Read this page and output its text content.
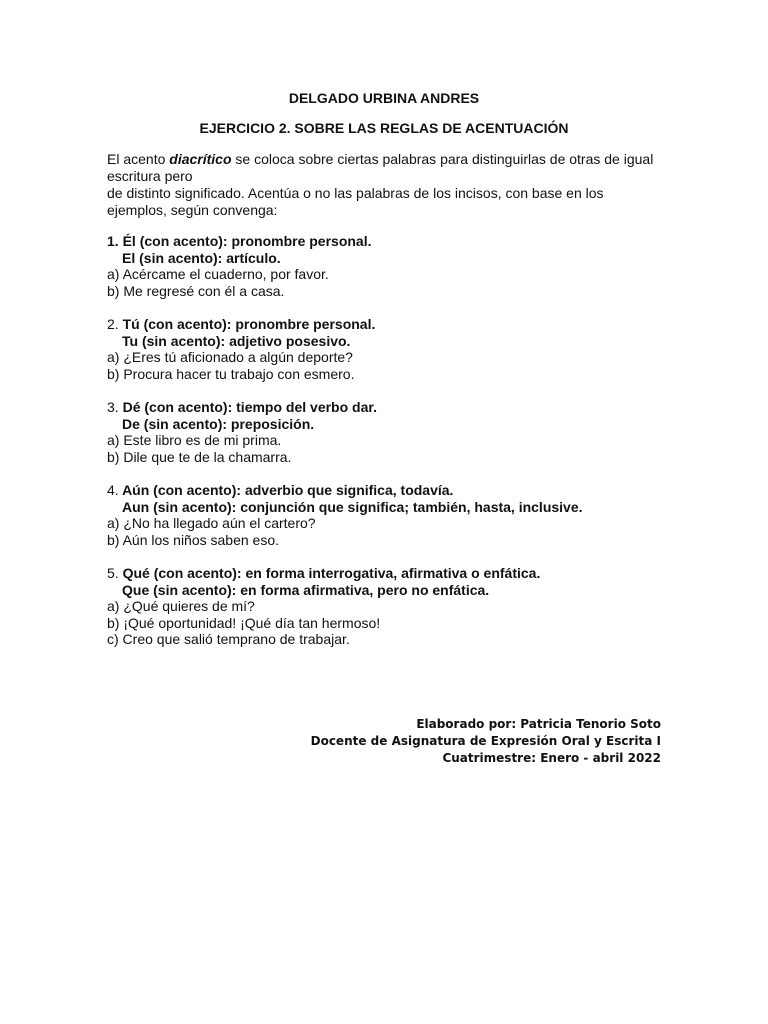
DELGADO URBINA ANDRES
EJERCICIO 2. SOBRE LAS REGLAS DE ACENTUACIÓN
El acento diacrítico se coloca sobre ciertas palabras para distinguirlas de otras de igual escritura pero
de distinto significado. Acentúa o no las palabras de los incisos, con base en los ejemplos, según convenga:
1. Él (con acento): pronombre personal.
El (sin acento): artículo.
a) Acércame el cuaderno, por favor.
b) Me regresé con él a casa.
2. Tú (con acento): pronombre personal.
Tu (sin acento): adjetivo posesivo.
a) ¿Eres tú aficionado a algún deporte?
b) Procura hacer tu trabajo con esmero.
3. Dé (con acento): tiempo del verbo dar.
De (sin acento): preposición.
a) Este libro es de mi prima.
b) Dile que te de la chamarra.
4. Aún (con acento): adverbio que significa, todavía.
Aun (sin acento): conjunción que significa; también, hasta, inclusive.
a) ¿No ha llegado aún el cartero?
b) Aún los niños saben eso.
5. Qué (con acento): en forma interrogativa, afirmativa o enfática.
Que (sin acento): en forma afirmativa, pero no enfática.
a) ¿Qué quieres de mí?
b) ¡Qué oportunidad! ¡Qué día tan hermoso!
c) Creo que salió temprano de trabajar.
Elaborado por: Patricia Tenorio Soto
Docente de Asignatura de Expresión Oral y Escrita I
Cuatrimestre: Enero - abril 2022
